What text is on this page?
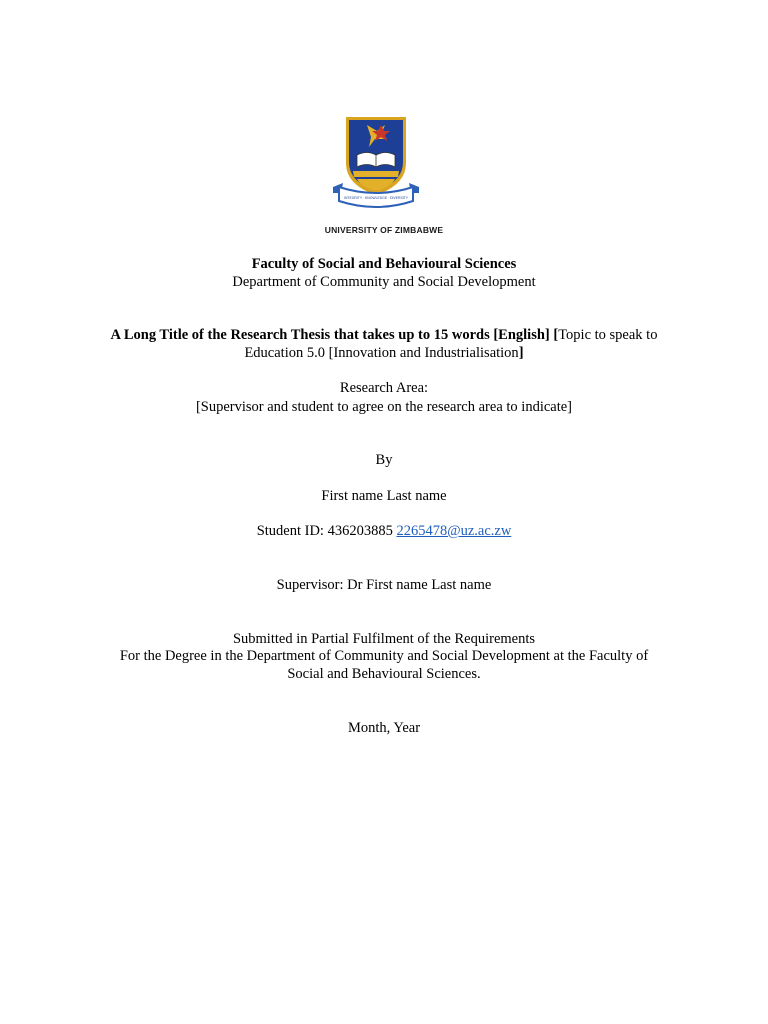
INTEGRITY · KNOWLEDGE · DIVERSITY
UNIVERSITY OF ZIMBABWE
Faculty of Social and Behavioural Sciences
Department of Community and Social Development
A Long Title of the Research Thesis that takes up to 15 words [English] [Topic to speak to Education 5.0 [Innovation and Industrialisation]
Research Area:
[Supervisor and student to agree on the research area to indicate]
By
First name Last name
Student ID: 436203885 2265478@uz.ac.zw
Supervisor: Dr First name Last name
Submitted in Partial Fulfilment of the Requirements
For the Degree in the Department of Community and Social Development at the Faculty of Social and Behavioural Sciences.
Month, Year
